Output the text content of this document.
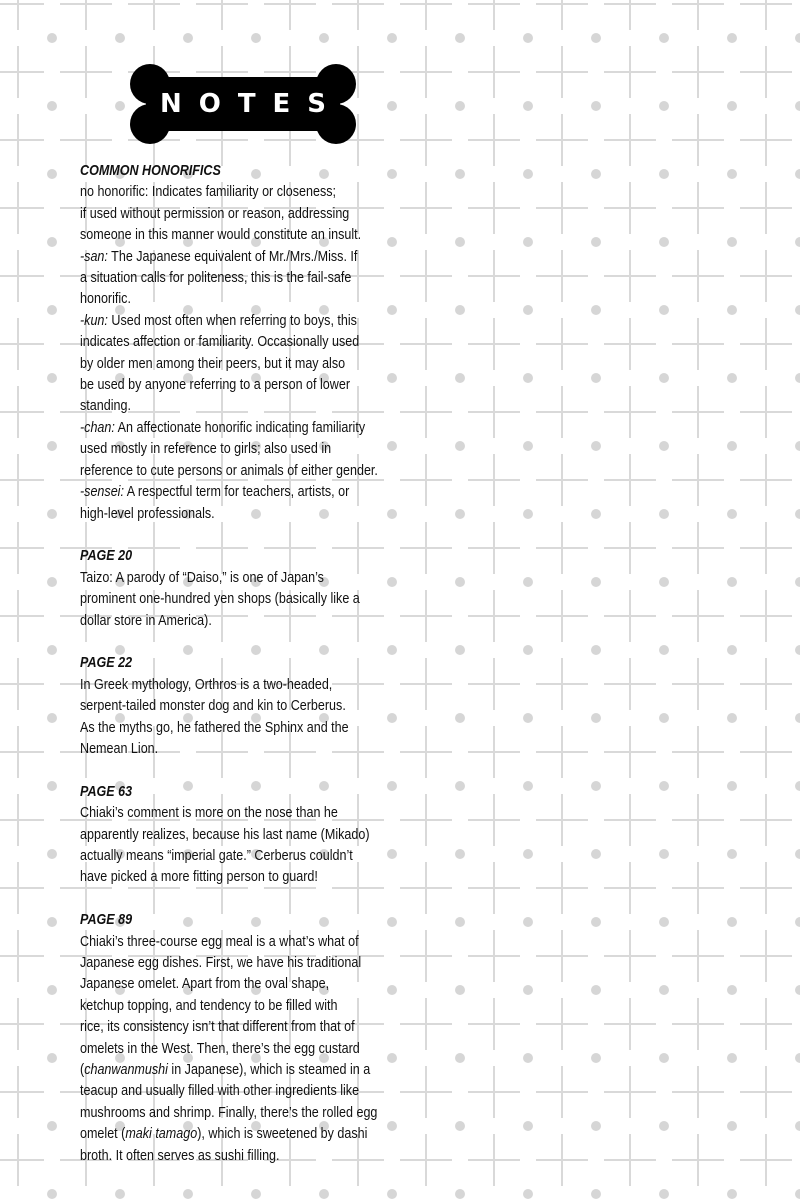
NOTES

COMMON HONORIFICS

no honorific: Indicates familiarity or closeness;

if used without permission or reason, addressing

someone in this manner would constitute an insult.

-san: The Japanese equivalent of Mr./Mrs./Miss. If

a situation calls for politeness, this is the fail-safe

honorific.

-kun: Used most often when referring to boys, this

indicates affection or familiarity. Occasionally used

by older men among their peers, but it may also

be used by anyone referring to a person of lower

standing.

-chan: An affectionate honorific indicating familiarity

used mostly in reference to girls; also used in

reference to cute persons or animals of either gender.

-sensei: A respectful term for teachers, artists, or

high-level professionals.

PAGE 20

Taizo: A parody of “Daiso,” is one of Japan’s

prominent one-hundred yen shops (basically like a

dollar store in America).

PAGE 22

In Greek mythology, Orthros is a two-headed,

serpent-tailed monster dog and kin to Cerberus.

As the myths go, he fathered the Sphinx and the

Nemean Lion.

PAGE 63

Chiaki’s comment is more on the nose than he

apparently realizes, because his last name (Mikado)

actually means “imperial gate.” Cerberus couldn’t

have picked a more fitting person to guard!

PAGE 89

Chiaki’s three-course egg meal is a what’s what of

Japanese egg dishes. First, we have his traditional

Japanese omelet. Apart from the oval shape,

ketchup topping, and tendency to be filled with

rice, its consistency isn’t that different from that of

omelets in the West. Then, there’s the egg custard

(chanwanmushi in Japanese), which is steamed in a

teacup and usually filled with other ingredients like

mushrooms and shrimp. Finally, there’s the rolled egg

omelet (maki tamago), which is sweetened by dashi

broth. It often serves as sushi filling.
